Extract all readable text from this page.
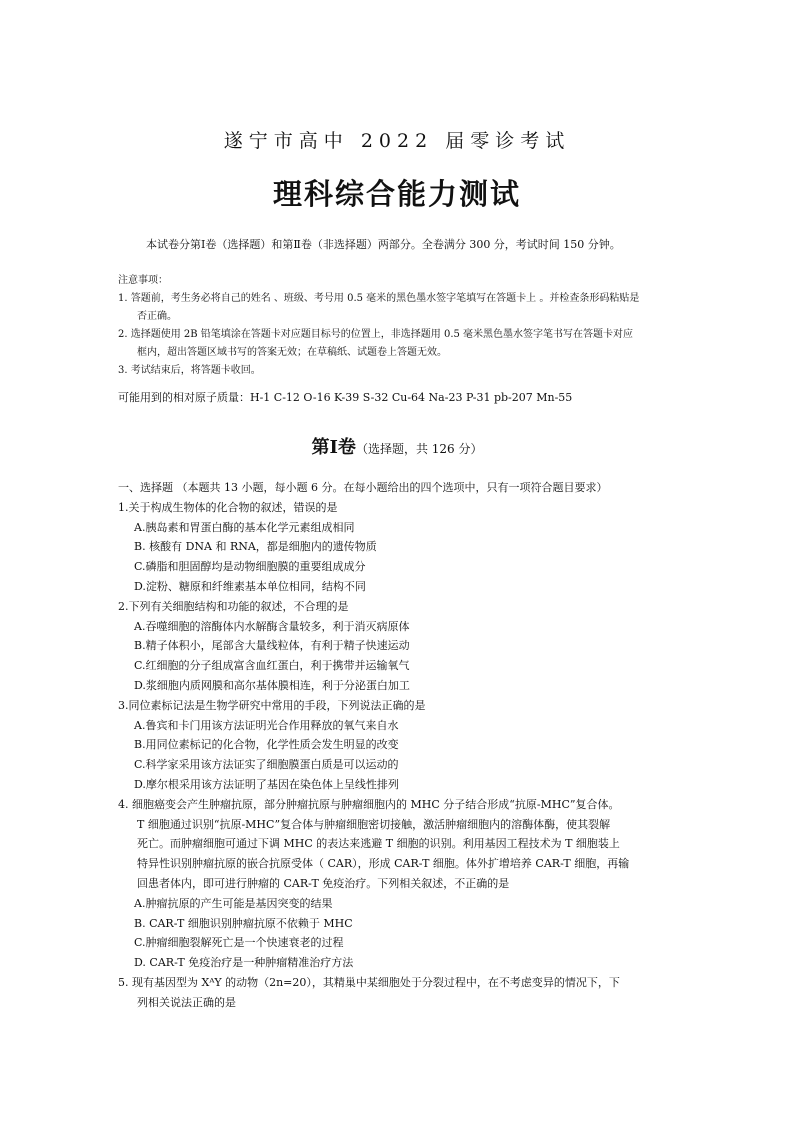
遂宁市高中 2022 届零诊考试
理科综合能力测试
本试卷分第Ⅰ卷（选择题）和第Ⅱ卷（非选择题）两部分。全卷满分 300 分，考试时间 150 分钟。
注意事项：
1. 答题前，考生务必将自己的姓名 、班级、考号用 0.5 毫米的黑色墨水签字笔填写在答题卡上 。并检查条形码粘贴是
否正确。
2. 选择题使用 2B 铅笔填涂在答题卡对应题目标号的位置上，非选择题用 0.5 毫米黑色墨水签字笔书写在答题卡对应
框内，超出答题区域书写的答案无效；在草稿纸、试题卷上答题无效。
3. 考试结束后，将答题卡收回。
可能用到的相对原子质量：H-1 C-12 O-16 K-39 S-32 Cu-64 Na-23 P-31 pb-207 Mn-55
第Ⅰ卷（选择题，共 126 分）
一、选择题 （本题共 13 小题，每小题 6 分。在每小题给出的四个选项中，只有一项符合题目要求）
1.关于构成生物体的化合物的叙述，错误的是
A.胰岛素和胃蛋白酶的基本化学元素组成相同
B. 核酸有 DNA 和 RNA，都是细胞内的遗传物质
C.磷脂和胆固醇均是动物细胞膜的重要组成成分
D.淀粉、糖原和纤维素基本单位相同，结构不同
2.下列有关细胞结构和功能的叙述，不合理的是
A.吞噬细胞的溶酶体内水解酶含量较多，利于消灭病原体
B.精子体积小，尾部含大量线粒体，有利于精子快速运动
C.红细胞的分子组成富含血红蛋白，利于携带并运输氧气
D.浆细胞内质网膜和高尔基体膜相连，利于分泌蛋白加工
3.同位素标记法是生物学研究中常用的手段，下列说法正确的是
A.鲁宾和卡门用该方法证明光合作用释放的氧气来自水
B.用同位素标记的化合物，化学性质会发生明显的改变
C.科学家采用该方法证实了细胞膜蛋白质是可以运动的
D.摩尔根采用该方法证明了基因在染色体上呈线性排列
4. 细胞癌变会产生肿瘤抗原，部分肿瘤抗原与肿瘤细胞内的 MHC 分子结合形成“抗原-MHC”复合体。
T 细胞通过识别“抗原-MHC”复合体与肿瘤细胞密切接触，激活肿瘤细胞内的溶酶体酶，使其裂解
死亡。而肿瘤细胞可通过下调 MHC 的表达来逃避 T 细胞的识别。利用基因工程技术为 T 细胞装上
特异性识别肿瘤抗原的嵌合抗原受体（ CAR），形成 CAR-T 细胞。体外扩增培养 CAR-T 细胞，再输
回患者体内，即可进行肿瘤的 CAR-T 免疫治疗。下列相关叙述，不正确的是
A.肿瘤抗原的产生可能是基因突变的结果
B. CAR-T 细胞识别肿瘤抗原不依赖于 MHC
C.肿瘤细胞裂解死亡是一个快速衰老的过程
D. CAR-T 免疫治疗是一种肿瘤精准治疗方法
5. 现有基因型为 XᴬY 的动物（2n=20），其精巢中某细胞处于分裂过程中，在不考虑变异的情况下，下
列相关说法正确的是
